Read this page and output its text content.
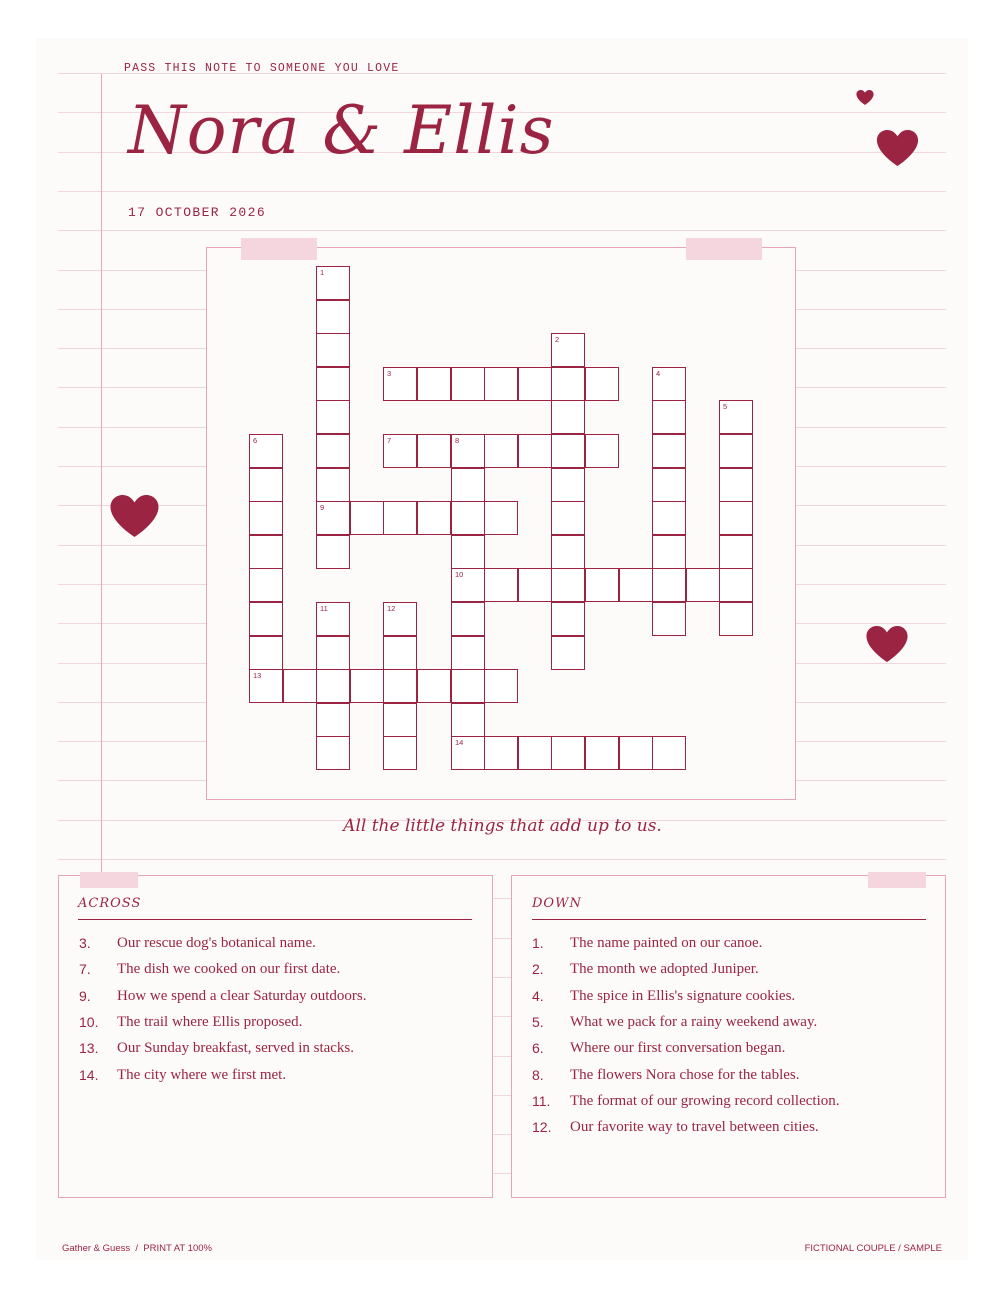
PASS THIS NOTE TO SOMEONE YOU LOVE
Nora & Ellis
17 OCTOBER 2026
1
9
2
3	4
5
6
13
7	8
10
14
11	12
All the little things that add up to us.
ACROSS
3. Our rescue dog's botanical name.
7. The dish we cooked on our first date.
9. How we spend a clear Saturday outdoors.
10. The trail where Ellis proposed.
13. Our Sunday breakfast, served in stacks.
14. The city where we first met.
DOWN
1. The name painted on our canoe.
2. The month we adopted Juniper.
4. The spice in Ellis's signature cookies.
5. What we pack for a rainy weekend away.
6. Where our first conversation began.
8. The flowers Nora chose for the tables.
11. The format of our growing record collection.
12. Our favorite way to travel between cities.
Gather & Guess  /  PRINT AT 100%	FICTIONAL COUPLE / SAMPLE
